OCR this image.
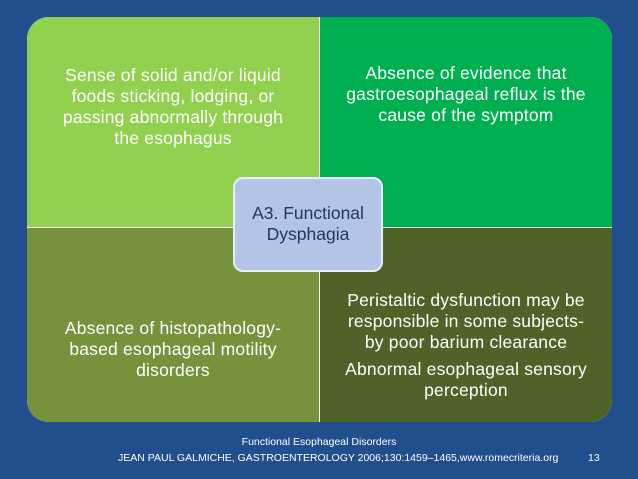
Sense of solid and/or liquid
foods sticking, lodging, or
passing abnormally through
the esophagus
Absence of evidence that
gastroesophageal reflux is the
cause of the symptom
Absence of histopathology-
based esophageal motility
disorders
Peristaltic dysfunction may be
responsible in some subjects-
by poor barium clearance
Abnormal esophageal sensory
perception
A3. Functional
Dysphagia
Functional Esophageal Disorders
JEAN PAUL GALMICHE, GASTROENTEROLOGY 2006;130:1459–1465,www.romecriteria.org	13
